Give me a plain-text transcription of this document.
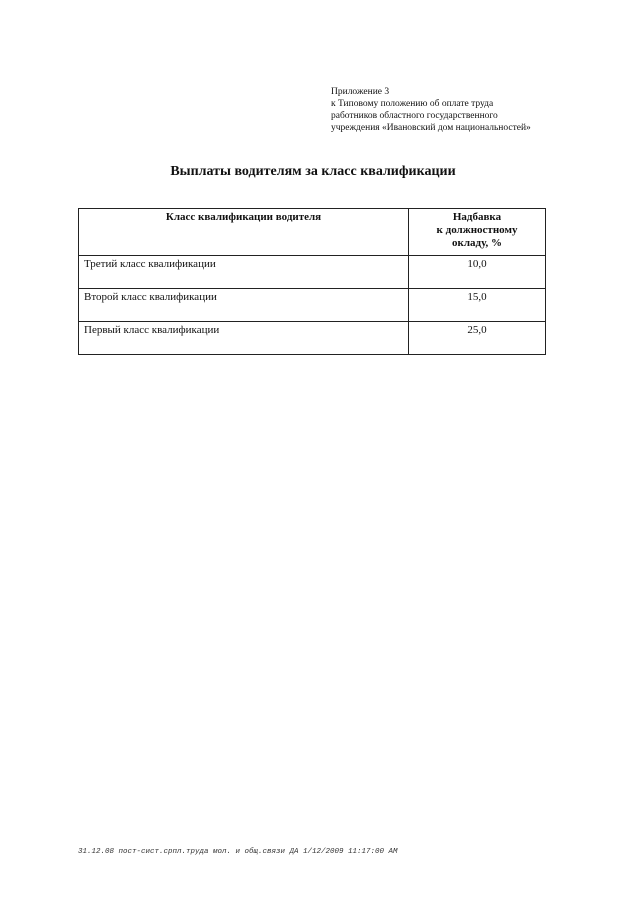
Приложение 3
к Типовому положению об оплате труда
работников областного государственного
учреждения «Ивановский дом национальностей»
Выплаты водителям за класс квалификации
Класс квалификации водителя	Надбавка
к должностному
окладу, %

Третий класс квалификации	10,0
Второй класс квалификации	15,0
Первый класс квалификации	25,0
31.12.08 пост-сист.српл.труда мол. и общ.связи ДА 1/12/2009 11:17:00 AM
